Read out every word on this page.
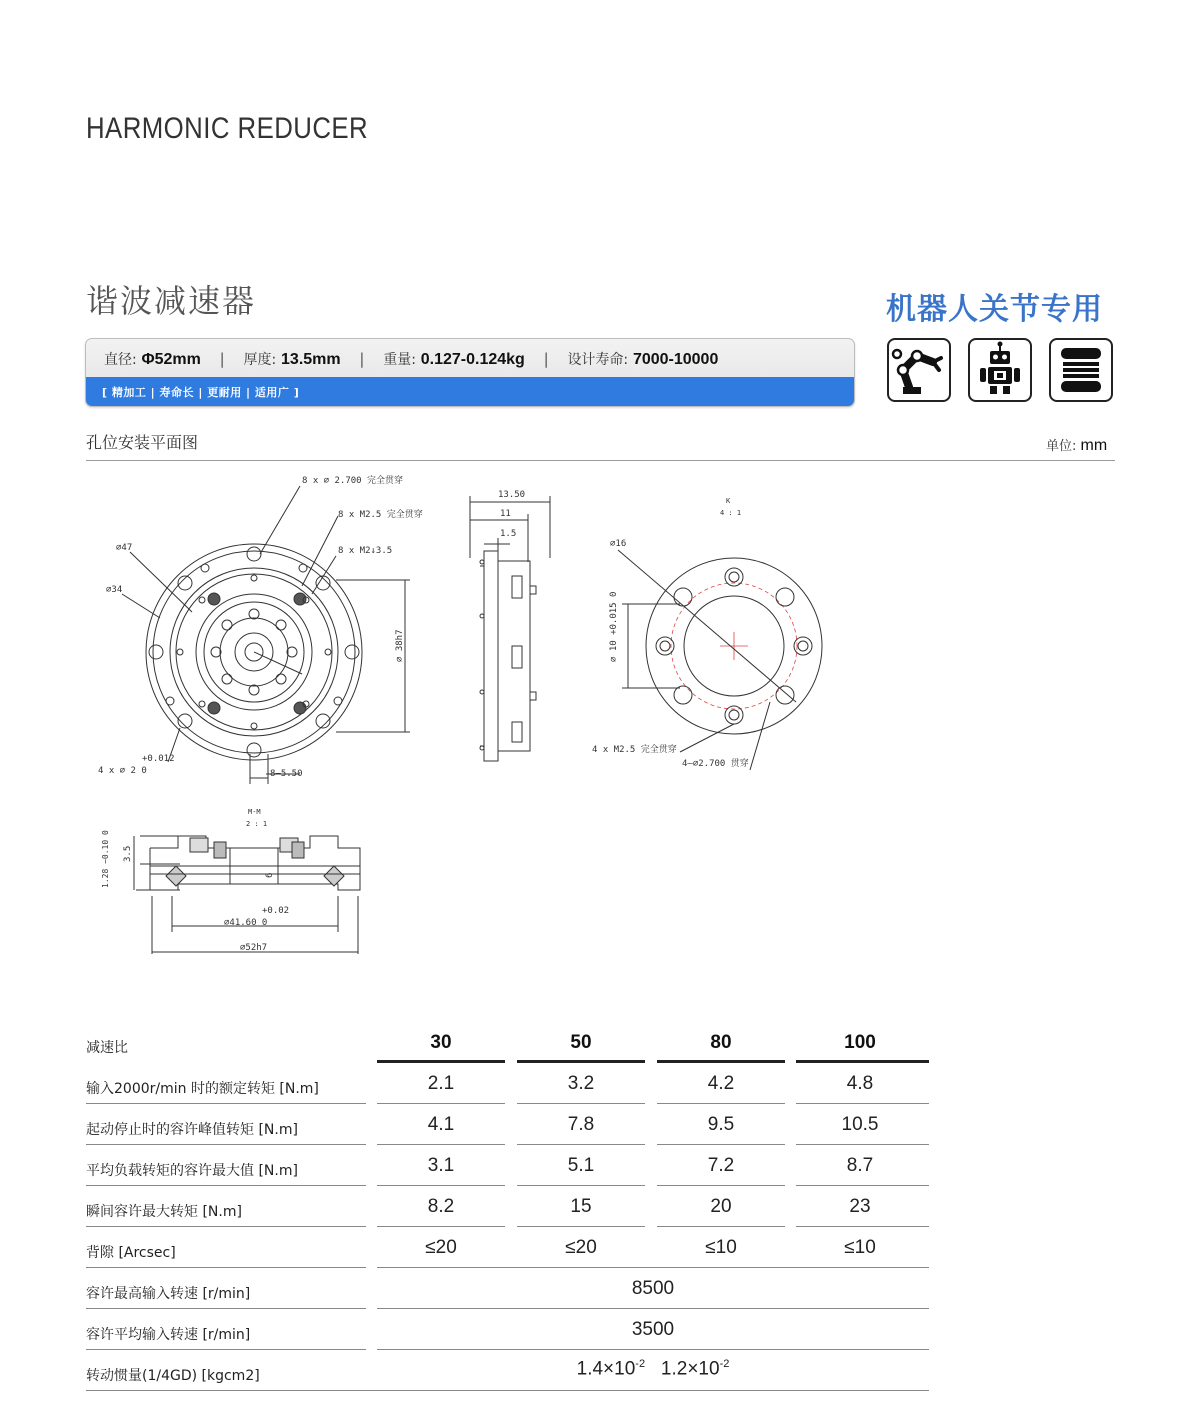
HARMONIC REDUCER
谐波减速器	机器人关节专用
直径: Φ52mm | 厚度: 13.5mm | 重量: 0.127-0.124kg | 设计寿命: 7000-10000
[ 精加工 | 寿命长 | 更耐用 | 适用广 ]
孔位安装平面图	单位: mm
8 x ∅ 2.700 完全贯穿
8 x M2.5 完全贯穿
8 x M2↓3.5
∅47
∅34
∅ 38h7
+0.012
4 x ∅ 2 0	8—5.50
13.50
11
1.5
∅16
∅ 10 +0.015 0
4 x M2.5 完全贯穿
4—∅2.700 贯穿
K
4 : 1
M-M
2 : 1
3.5
1.28 −0.10 0	6
+0.02
∅41.60 0
∅52h7
减速比	30	50	80	100
输入2000r/min 时的额定转矩 [N.m]	2.1	3.2	4.2	4.8
起动停止时的容许峰值转矩 [N.m]	4.1	7.8	9.5	10.5
平均负载转矩的容许最大值 [N.m]	3.1	5.1	7.2	8.7
瞬间容许最大转矩 [N.m]	8.2	15	20	23
背隙 [Arcsec]	≤20	≤20	≤10	≤10
容许最高输入转速 [r/min]	8500
容许平均输入转速 [r/min]	3500
转动惯量(1/4GD) [kgcm2]	$1.4\times 10^{-2}$ $1.2\times 10^{-2}$
